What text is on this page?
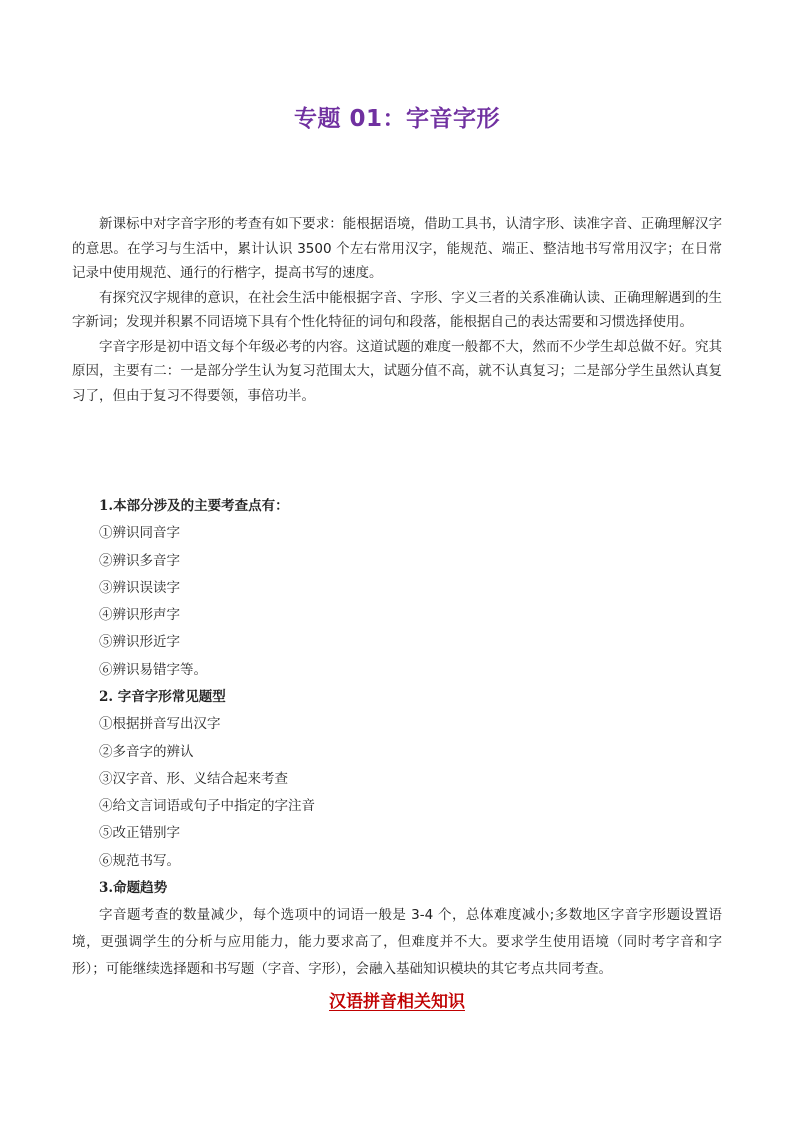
专题 01：字音字形

新课标中对字音字形的考查有如下要求：能根据语境，借助工具书，认清字形、读准字音、正确理解汉字的意思。在学习与生活中，累计认识 3500 个左右常用汉字，能规范、端正、整洁地书写常用汉字；在日常记录中使用规范、通行的行楷字，提高书写的速度。

有探究汉字规律的意识，在社会生活中能根据字音、字形、字义三者的关系准确认读、正确理解遇到的生字新词；发现并积累不同语境下具有个性化特征的词句和段落，能根据自己的表达需要和习惯选择使用。

字音字形是初中语文每个年级必考的内容。这道试题的难度一般都不大，然而不少学生却总做不好。究其原因，主要有二：一是部分学生认为复习范围太大，试题分值不高，就不认真复习；二是部分学生虽然认真复习了，但由于复习不得要领，事倍功半。

1.本部分涉及的主要考查点有：
①辨识同音字
②辨识多音字
③辨识误读字
④辨识形声字
⑤辨识形近字
⑥辨识易错字等。
2. 字音字形常见题型
①根据拼音写出汉字
②多音字的辨认
③汉字音、形、义结合起来考查
④给文言词语或句子中指定的字注音
⑤改正错别字
⑥规范书写。
3.命题趋势
字音题考查的数量减少，每个选项中的词语一般是 3-4 个，总体难度减小;多数地区字音字形题设置语境，更强调学生的分析与应用能力，能力要求高了，但难度并不大。要求学生使用语境（同时考字音和字形）；可能继续选择题和书写题（字音、字形），会融入基础知识模块的其它考点共同考查。
汉语拼音相关知识
